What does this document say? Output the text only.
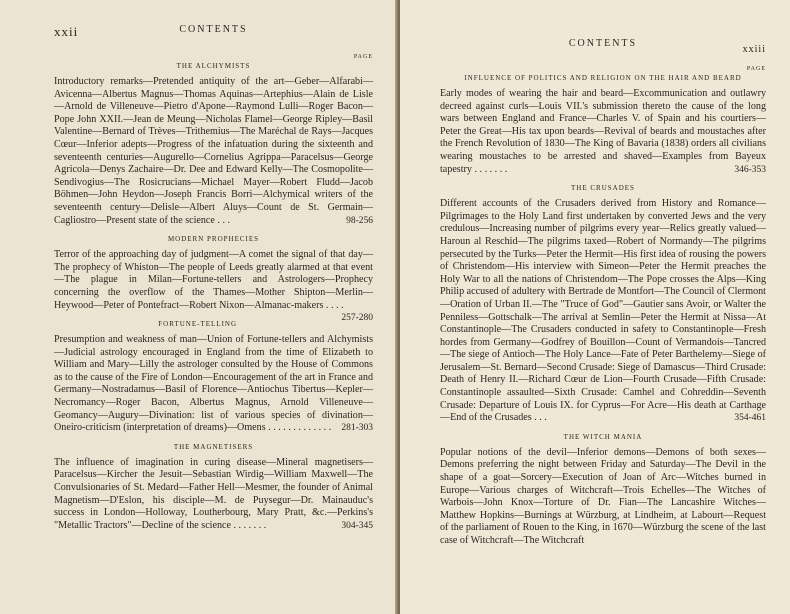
xxii	CONTENTS
PAGE
THE ALCHYMISTS

Introductory remarks—Pretended antiquity of the art—Geber—Alfarabi—Avicenna—Albertus Magnus—Thomas Aquinas—Artephius—Alain de Lisle—Arnold de Villeneuve—Pietro d'Apone—Raymond Lulli—Roger Bacon—Pope John XXII.—Jean de Meung—Nicholas Flamel—George Ripley—Basil Valentine—Bernard of Trèves—Trithemius—The Maréchal de Rays—Jacques Cœur—Inferior adepts—Progress of the infatuation during the sixteenth and seventeenth centuries—Augurello—Cornelius Agrippa—Paracelsus—George Agricola—Denys Zachaire—Dr. Dee and Edward Kelly—The Cosmopolite—Sendivogius—The Rosicrucians—Michael Mayer—Robert Fludd—Jacob Böhmen—John Heydon—Joseph Francis Borri—Alchymical writers of the seventeenth century—Delisle—Albert Aluys—Count de St. Germain—Cagliostro—Present state of the science . . .	98-256

MODERN PROPHECIES

Terror of the approaching day of judgment—A comet the signal of that day—The prophecy of Whiston—The people of Leeds greatly alarmed at that event—The plague in Milan—Fortune-tellers and Astrologers—Prophecy concerning the overflow of the Thames—Mother Shipton—Merlin—Heywood—Peter of Pontefract—Robert Nixon—Almanac-makers . . . .
257-280

FORTUNE-TELLING

Presumption and weakness of man—Union of Fortune-tellers and Alchymists—Judicial astrology encouraged in England from the time of Elizabeth to William and Mary—Lilly the astrologer consulted by the House of Commons as to the cause of the Fire of London—Encouragement of the art in France and Germany—Nostradamus—Basil of Florence—Antiochus Tibertus—Kepler—Necromancy—Roger Bacon, Albertus Magnus, Arnold Villeneuve—Geomancy—Augury—Divination: list of various species of divination—Oneiro-criticism (interpretation of dreams)—Omens . . . . . . . . . . . . . 281-303

THE MAGNETISERS

The influence of imagination in curing disease—Mineral magnetisers—Paracelsus—Kircher the Jesuit—Sebastian Wirdig—William Maxwell—The Convulsionaries of St. Medard—Father Hell—Mesmer, the founder of Animal Magnetism—D'Eslon, his disciple—M. de Puysegur—Dr. Mainauduc's success in London—Holloway, Loutherbourg, Mary Pratt, &c.—Perkins's "Metallic Tractors"—Decline of the science . . . . . . .	304-345

CONTENTS
xxiii
PAGE
INFLUENCE OF POLITICS AND RELIGION ON THE HAIR AND BEARD

Early modes of wearing the hair and beard—Excommunication and outlawry decreed against curls—Louis VII.'s submission thereto the cause of the long wars between England and France—Charles V. of Spain and his courtiers—Peter the Great—His tax upon beards—Revival of beards and moustaches after the French Revolution of 1830—The King of Bavaria (1838) orders all civilians wearing moustaches to be arrested and shaved—Examples from Bayeux tapestry . . . . . . .	346-353

THE CRUSADES

Different accounts of the Crusaders derived from History and Romance—Pilgrimages to the Holy Land first undertaken by converted Jews and the very credulous—Increasing number of pilgrims every year—Relics greatly valued—Haroun al Reschid—The pilgrims taxed—Robert of Normandy—The pilgrims persecuted by the Turks—Peter the Hermit—His first idea of rousing the powers of Christendom—His interview with Simeon—Peter the Hermit preaches the Holy War to all the nations of Christendom—The Pope crosses the Alps—King Philip accused of adultery with Bertrade de Montfort—The Council of Clermont—Oration of Urban II.—The "Truce of God"—Gautier sans Avoir, or Walter the Penniless—Gottschalk—The arrival at Semlin—Peter the Hermit at Nissa—At Constantinople—The Crusaders conducted in safety to Constantinople—Fresh hordes from Germany—Godfrey of Bouillon—Count of Vermandois—Tancred—The siege of Antioch—The Holy Lance—Fate of Peter Barthelemy—Siege of Jerusalem—St. Bernard—Second Crusade: Siege of Damascus—Third Crusade: Death of Henry II.—Richard Cœur de Lion—Fourth Crusade—Fifth Crusade: Constantinople assaulted—Sixth Crusade: Camhel and Cohreddin—Seventh Crusade: Departure of Louis IX. for Cyprus—For Acre—His death at Carthage—End of the Crusades . . .	354-461

THE WITCH MANIA

Popular notions of the devil—Inferior demons—Demons of both sexes—Demons preferring the night between Friday and Saturday—The Devil in the shape of a goat—Sorcery—Execution of Joan of Arc—Witches burned in Europe—Various charges of Witchcraft—Trois Echelles—The Witches of Warbois—John Knox—Torture of Dr. Fian—The Lancashire Witches—Matthew Hopkins—Burnings at Würzburg, at Lindheim, at Labourt—Request of the parliament of Rouen to the King, in 1670—Würzburg the scene of the last case of Witchcraft—The Witchcraft
